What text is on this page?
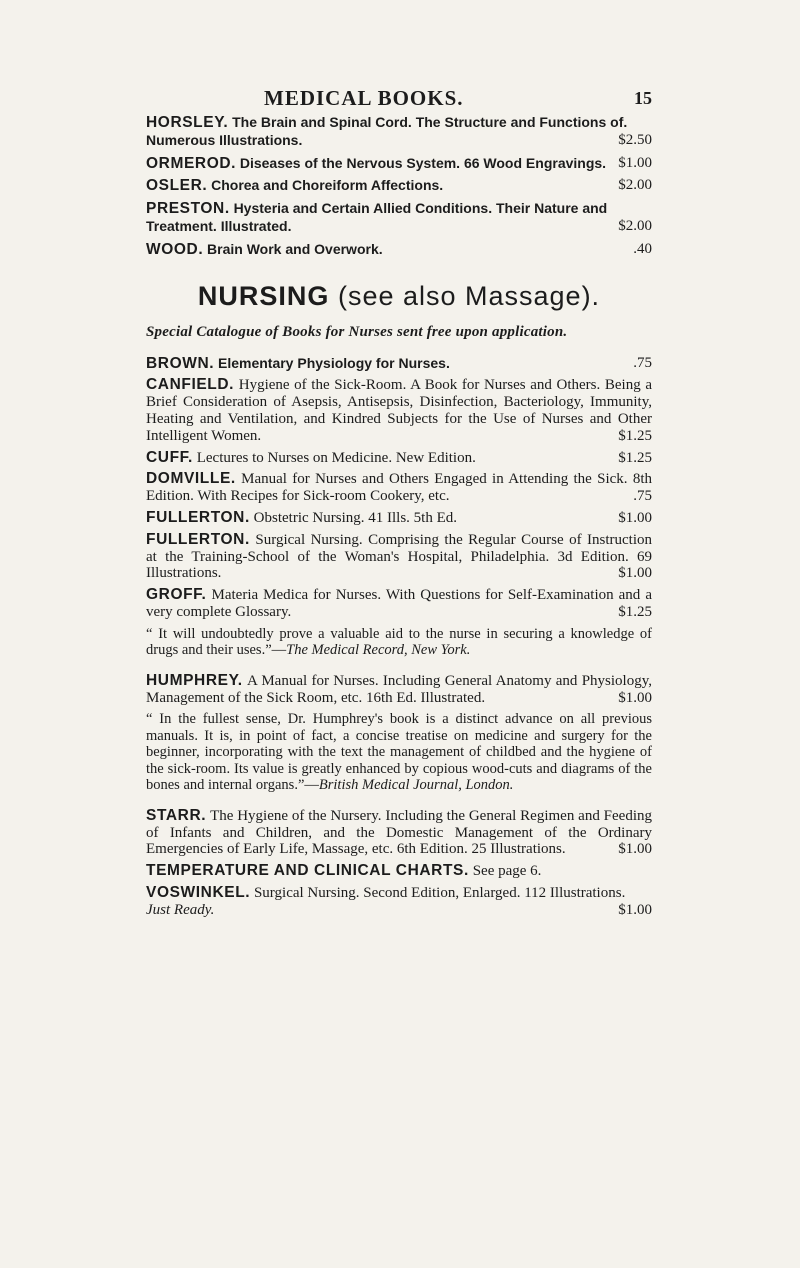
MEDICAL BOOKS.	15
HORSLEY. The Brain and Spinal Cord. The Structure and Functions of. Numerous Illustrations.	$2.50
ORMEROD. Diseases of the Nervous System. 66 Wood Engravings. $1.00
OSLER. Chorea and Choreiform Affections.	$2.00
PRESTON. Hysteria and Certain Allied Conditions. Their Nature and Treatment. Illustrated.	$2.00
WOOD. Brain Work and Overwork.	.40
NURSING (see also Massage).
Special Catalogue of Books for Nurses sent free upon application.
BROWN. Elementary Physiology for Nurses.	.75
CANFIELD. Hygiene of the Sick-Room. A Book for Nurses and Others. Being a Brief Consideration of Asepsis, Antisepsis, Disinfection, Bacteriology, Immunity, Heating and Ventilation, and Kindred Subjects for the Use of Nurses and Other Intelligent Women.	$1.25
CUFF. Lectures to Nurses on Medicine. New Edition.	$1.25
DOMVILLE. Manual for Nurses and Others Engaged in Attending the Sick. 8th Edition. With Recipes for Sick-room Cookery, etc.	.75
FULLERTON. Obstetric Nursing. 41 Ills. 5th Ed.	$1.00
FULLERTON. Surgical Nursing. Comprising the Regular Course of Instruction at the Training-School of the Woman's Hospital, Philadelphia. 3d Edition. 69 Illustrations.	$1.00
GROFF. Materia Medica for Nurses. With Questions for Self-Examination and a very complete Glossary.	$1.25
“ It will undoubtedly prove a valuable aid to the nurse in securing a knowledge of drugs and their uses.”—The Medical Record, New York.
HUMPHREY. A Manual for Nurses. Including General Anatomy and Physiology, Management of the Sick Room, etc. 16th Ed. Illustrated.	$1.00
“ In the fullest sense, Dr. Humphrey's book is a distinct advance on all previous manuals. It is, in point of fact, a concise treatise on medicine and surgery for the beginner, incorporating with the text the management of childbed and the hygiene of the sick-room. Its value is greatly enhanced by copious wood-cuts and diagrams of the bones and internal organs.”—British Medical Journal, London.
STARR. The Hygiene of the Nursery. Including the General Regimen and Feeding of Infants and Children, and the Domestic Management of the Ordinary Emergencies of Early Life, Massage, etc. 6th Edition. 25 Illustrations.	$1.00
TEMPERATURE AND CLINICAL CHARTS. See page 6.
VOSWINKEL. Surgical Nursing. Second Edition, Enlarged. 112 Illustrations. Just Ready.	$1.00
